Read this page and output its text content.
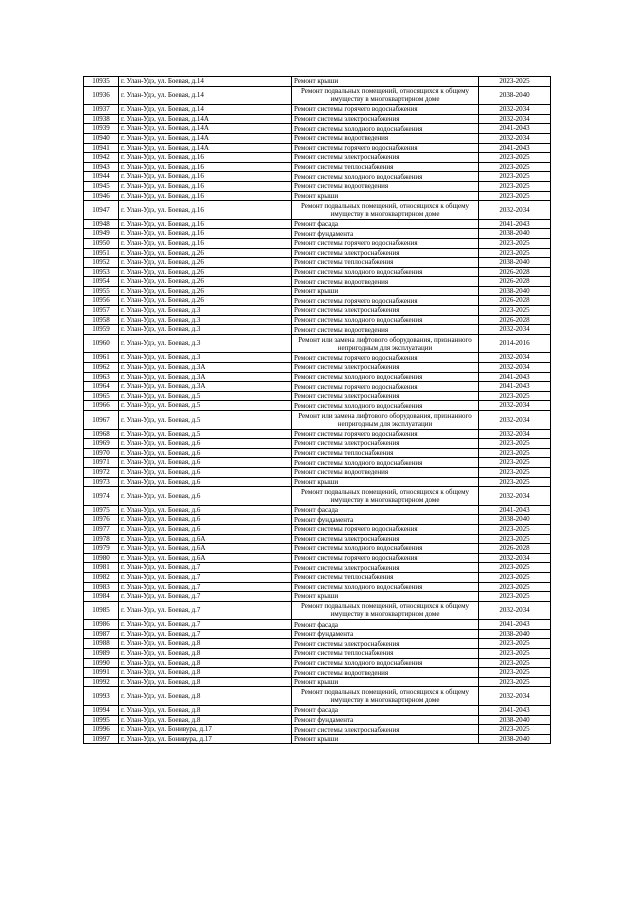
10935	г. Улан-Удэ, ул. Боевая, д.14	Ремонт крыши	2023-2025
10936	г. Улан-Удэ, ул. Боевая, д.14	Ремонт подвальных помещений, относящихся к общему имуществу в многоквартирном доме	2038-2040
10937	г. Улан-Удэ, ул. Боевая, д.14	Ремонт системы горячего водоснабжения	2032-2034
10938	г. Улан-Удэ, ул. Боевая, д.14А	Ремонт системы электроснабжения	2032-2034
10939	г. Улан-Удэ, ул. Боевая, д.14А	Ремонт системы холодного водоснабжения	2041-2043
10940	г. Улан-Удэ, ул. Боевая, д.14А	Ремонт системы водоотведения	2032-2034
10941	г. Улан-Удэ, ул. Боевая, д.14А	Ремонт системы горячего водоснабжения	2041-2043
10942	г. Улан-Удэ, ул. Боевая, д.16	Ремонт системы электроснабжения	2023-2025
10943	г. Улан-Удэ, ул. Боевая, д.16	Ремонт системы теплоснабжения	2023-2025
10944	г. Улан-Удэ, ул. Боевая, д.16	Ремонт системы холодного водоснабжения	2023-2025
10945	г. Улан-Удэ, ул. Боевая, д.16	Ремонт системы водоотведения	2023-2025
10946	г. Улан-Удэ, ул. Боевая, д.16	Ремонт крыши	2023-2025
10947	г. Улан-Удэ, ул. Боевая, д.16	Ремонт подвальных помещений, относящихся к общему имуществу в многоквартирном доме	2032-2034
10948	г. Улан-Удэ, ул. Боевая, д.16	Ремонт фасада	2041-2043
10949	г. Улан-Удэ, ул. Боевая, д.16	Ремонт фундамента	2038-2040
10950	г. Улан-Удэ, ул. Боевая, д.16	Ремонт системы горячего водоснабжения	2023-2025
10951	г. Улан-Удэ, ул. Боевая, д.26	Ремонт системы электроснабжения	2023-2025
10952	г. Улан-Удэ, ул. Боевая, д.26	Ремонт системы теплоснабжения	2038-2040
10953	г. Улан-Удэ, ул. Боевая, д.26	Ремонт системы холодного водоснабжения	2026-2028
10954	г. Улан-Удэ, ул. Боевая, д.26	Ремонт системы водоотведения	2026-2028
10955	г. Улан-Удэ, ул. Боевая, д.26	Ремонт крыши	2038-2040
10956	г. Улан-Удэ, ул. Боевая, д.26	Ремонт системы горячего водоснабжения	2026-2028
10957	г. Улан-Удэ, ул. Боевая, д.3	Ремонт системы электроснабжения	2023-2025
10958	г. Улан-Удэ, ул. Боевая, д.3	Ремонт системы холодного водоснабжения	2026-2028
10959	г. Улан-Удэ, ул. Боевая, д.3	Ремонт системы водоотведения	2032-2034
10960	г. Улан-Удэ, ул. Боевая, д.3	Ремонт или замена лифтового оборудования, признанного непригодным для эксплуатации	2014-2016
10961	г. Улан-Удэ, ул. Боевая, д.3	Ремонт системы горячего водоснабжения	2032-2034
10962	г. Улан-Удэ, ул. Боевая, д.3А	Ремонт системы электроснабжения	2032-2034
10963	г. Улан-Удэ, ул. Боевая, д.3А	Ремонт системы холодного водоснабжения	2041-2043
10964	г. Улан-Удэ, ул. Боевая, д.3А	Ремонт системы горячего водоснабжения	2041-2043
10965	г. Улан-Удэ, ул. Боевая, д.5	Ремонт системы электроснабжения	2023-2025
10966	г. Улан-Удэ, ул. Боевая, д.5	Ремонт системы холодного водоснабжения	2032-2034
10967	г. Улан-Удэ, ул. Боевая, д.5	Ремонт или замена лифтового оборудования, признанного непригодным для эксплуатации	2032-2034
10968	г. Улан-Удэ, ул. Боевая, д.5	Ремонт системы горячего водоснабжения	2032-2034
10969	г. Улан-Удэ, ул. Боевая, д.6	Ремонт системы электроснабжения	2023-2025
10970	г. Улан-Удэ, ул. Боевая, д.6	Ремонт системы теплоснабжения	2023-2025
10971	г. Улан-Удэ, ул. Боевая, д.6	Ремонт системы холодного водоснабжения	2023-2025
10972	г. Улан-Удэ, ул. Боевая, д.6	Ремонт системы водоотведения	2023-2025
10973	г. Улан-Удэ, ул. Боевая, д.6	Ремонт крыши	2023-2025
10974	г. Улан-Удэ, ул. Боевая, д.6	Ремонт подвальных помещений, относящихся к общему имуществу в многоквартирном доме	2032-2034
10975	г. Улан-Удэ, ул. Боевая, д.6	Ремонт фасада	2041-2043
10976	г. Улан-Удэ, ул. Боевая, д.6	Ремонт фундамента	2038-2040
10977	г. Улан-Удэ, ул. Боевая, д.6	Ремонт системы горячего водоснабжения	2023-2025
10978	г. Улан-Удэ, ул. Боевая, д.6А	Ремонт системы электроснабжения	2023-2025
10979	г. Улан-Удэ, ул. Боевая, д.6А	Ремонт системы холодного водоснабжения	2026-2028
10980	г. Улан-Удэ, ул. Боевая, д.6А	Ремонт системы горячего водоснабжения	2032-2034
10981	г. Улан-Удэ, ул. Боевая, д.7	Ремонт системы электроснабжения	2023-2025
10982	г. Улан-Удэ, ул. Боевая, д.7	Ремонт системы теплоснабжения	2023-2025
10983	г. Улан-Удэ, ул. Боевая, д.7	Ремонт системы холодного водоснабжения	2023-2025
10984	г. Улан-Удэ, ул. Боевая, д.7	Ремонт крыши	2023-2025
10985	г. Улан-Удэ, ул. Боевая, д.7	Ремонт подвальных помещений, относящихся к общему имуществу в многоквартирном доме	2032-2034
10986	г. Улан-Удэ, ул. Боевая, д.7	Ремонт фасада	2041-2043
10987	г. Улан-Удэ, ул. Боевая, д.7	Ремонт фундамента	2038-2040
10988	г. Улан-Удэ, ул. Боевая, д.8	Ремонт системы электроснабжения	2023-2025
10989	г. Улан-Удэ, ул. Боевая, д.8	Ремонт системы теплоснабжения	2023-2025
10990	г. Улан-Удэ, ул. Боевая, д.8	Ремонт системы холодного водоснабжения	2023-2025
10991	г. Улан-Удэ, ул. Боевая, д.8	Ремонт системы водоотведения	2023-2025
10992	г. Улан-Удэ, ул. Боевая, д.8	Ремонт крыши	2023-2025
10993	г. Улан-Удэ, ул. Боевая, д.8	Ремонт подвальных помещений, относящихся к общему имуществу в многоквартирном доме	2032-2034
10994	г. Улан-Удэ, ул. Боевая, д.8	Ремонт фасада	2041-2043
10995	г. Улан-Удэ, ул. Боевая, д.8	Ремонт фундамента	2038-2040
10996	г. Улан-Удэ, ул. Бонивура, д.17	Ремонт системы электроснабжения	2023-2025
10997	г. Улан-Удэ, ул. Бонивура, д.17	Ремонт крыши	2038-2040
